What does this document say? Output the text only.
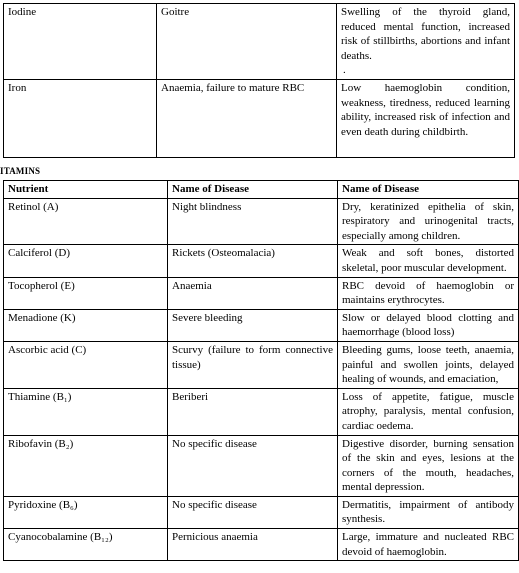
Iodine	Goitre	Swelling of the thyroid gland, reduced mental function, increased risk of stillbirths, abortions and infant deaths.
.

Iron	Anaemia, failure to mature RBC	Low haemoglobin condition, weakness, tiredness, reduced learning ability, increased risk of infection and even death during childbirth.
ITAMINS
Nutrient	Name of Disease	Name of Disease
Retinol (A)	Night blindness	Dry, keratinized epithelia of skin, respiratory and urinogenital tracts, especially among children.
Calciferol (D)	Rickets (Osteomalacia)	Weak and soft bones, distorted skeletal, poor muscular development.
Tocopherol (E)	Anaemia	RBC devoid of haemoglobin or maintains erythrocytes.
Menadione (K)	Severe bleeding	Slow or delayed blood clotting and haemorrhage (blood loss)
Ascorbic acid (C)	Scurvy (failure to form connective tissue)	Bleeding gums, loose teeth, anaemia, painful and swollen joints, delayed healing of wounds, and emaciation,
Thiamine (B₁)	Beriberi	Loss of appetite, fatigue, muscle atrophy, paralysis, mental confusion, cardiac oedema.
Ribofavin (B₂)	No specific disease	Digestive disorder, burning sensation of the skin and eyes, lesions at the corners of the mouth, headaches, mental depression.
Pyridoxine (B₆)	No specific disease	Dermatitis, impairment of antibody synthesis.
Cyanocobalamine (B₁₂)	Pernicious anaemia	Large, immature and nucleated RBC devoid of haemoglobin.
